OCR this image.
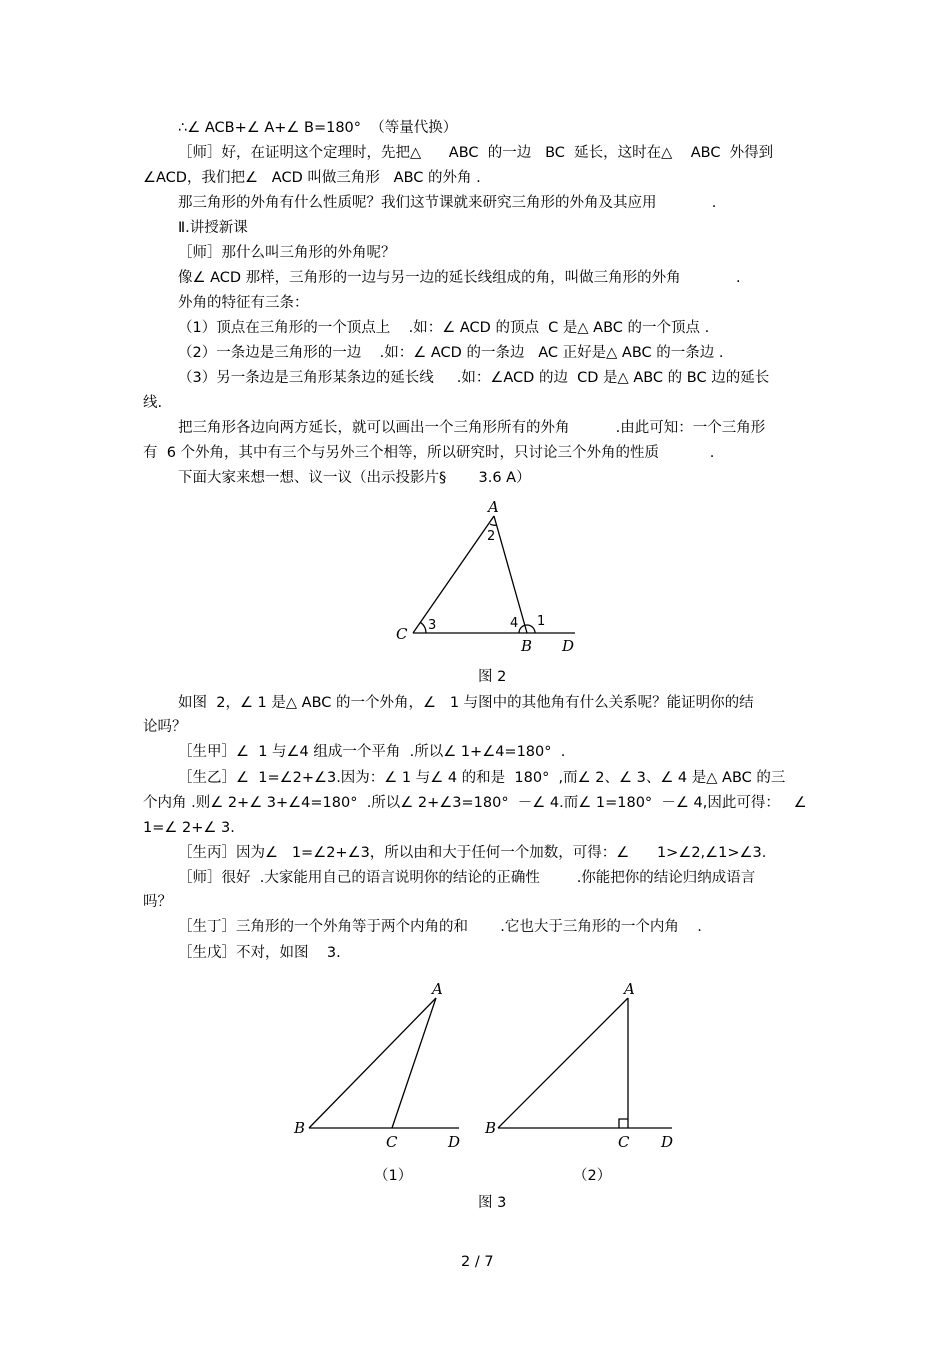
∴∠ ACB+∠ A+∠ B=180°  （等量代换）
［师］好，在证明这个定理时，先把△      ABC  的一边   BC  延长，这时在△    ABC  外得到
∠ACD，我们把∠   ACD 叫做三角形   ABC 的外角 .
那三角形的外角有什么性质呢？我们这节课就来研究三角形的外角及其应用            .
Ⅱ.讲授新课
［师］那什么叫三角形的外角呢？
像∠ ACD 那样，三角形的一边与另一边的延长线组成的角，叫做三角形的外角            .
外角的特征有三条：
（1）顶点在三角形的一个顶点上    .如：∠ ACD 的顶点  C 是△ ABC 的一个顶点 .
（2）一条边是三角形的一边    .如：∠ ACD 的一条边   AC 正好是△ ABC 的一条边 .
（3）另一条边是三角形某条边的延长线     .如：∠ACD 的边  CD 是△ ABC 的 BC 边的延长
线.
把三角形各边向两方延长，就可以画出一个三角形所有的外角          .由此可知：一个三角形
有  6 个外角，其中有三个与另外三个相等，所以研究时，只讨论三个外角的性质           .
下面大家来想一想、议一议（出示投影片§       3.6 A）
A
C
B D
1
2
3	4
A
B
C	D
A
B
C D
图 2
如图  2，∠ 1 是△ ABC 的一个外角，∠   1 与图中的其他角有什么关系呢？能证明你的结
论吗？
［生甲］∠  1 与∠4 组成一个平角  .所以∠ 1+∠4=180°  .
［生乙］∠  1=∠2+∠3.因为：∠ 1 与∠ 4 的和是  180°  ,而∠ 2、∠ 3、∠ 4 是△ ABC 的三
个内角 .则∠ 2+∠ 3+∠4=180°  .所以∠ 2+∠3=180°  －∠ 4.而∠ 1=180°  －∠ 4,因此可得：   ∠
1=∠ 2+∠ 3.
［生丙］因为∠   1=∠2+∠3，所以由和大于任何一个加数，可得：∠      1>∠2,∠1>∠3.
［师］很好  .大家能用自己的语言说明你的结论的正确性        .你能把你的结论归纳成语言
吗？
［生丁］三角形的一个外角等于两个内角的和       .它也大于三角形的一个内角    .
［生戊］不对，如图    3.
（1）	（2）
图 3
2 / 7
